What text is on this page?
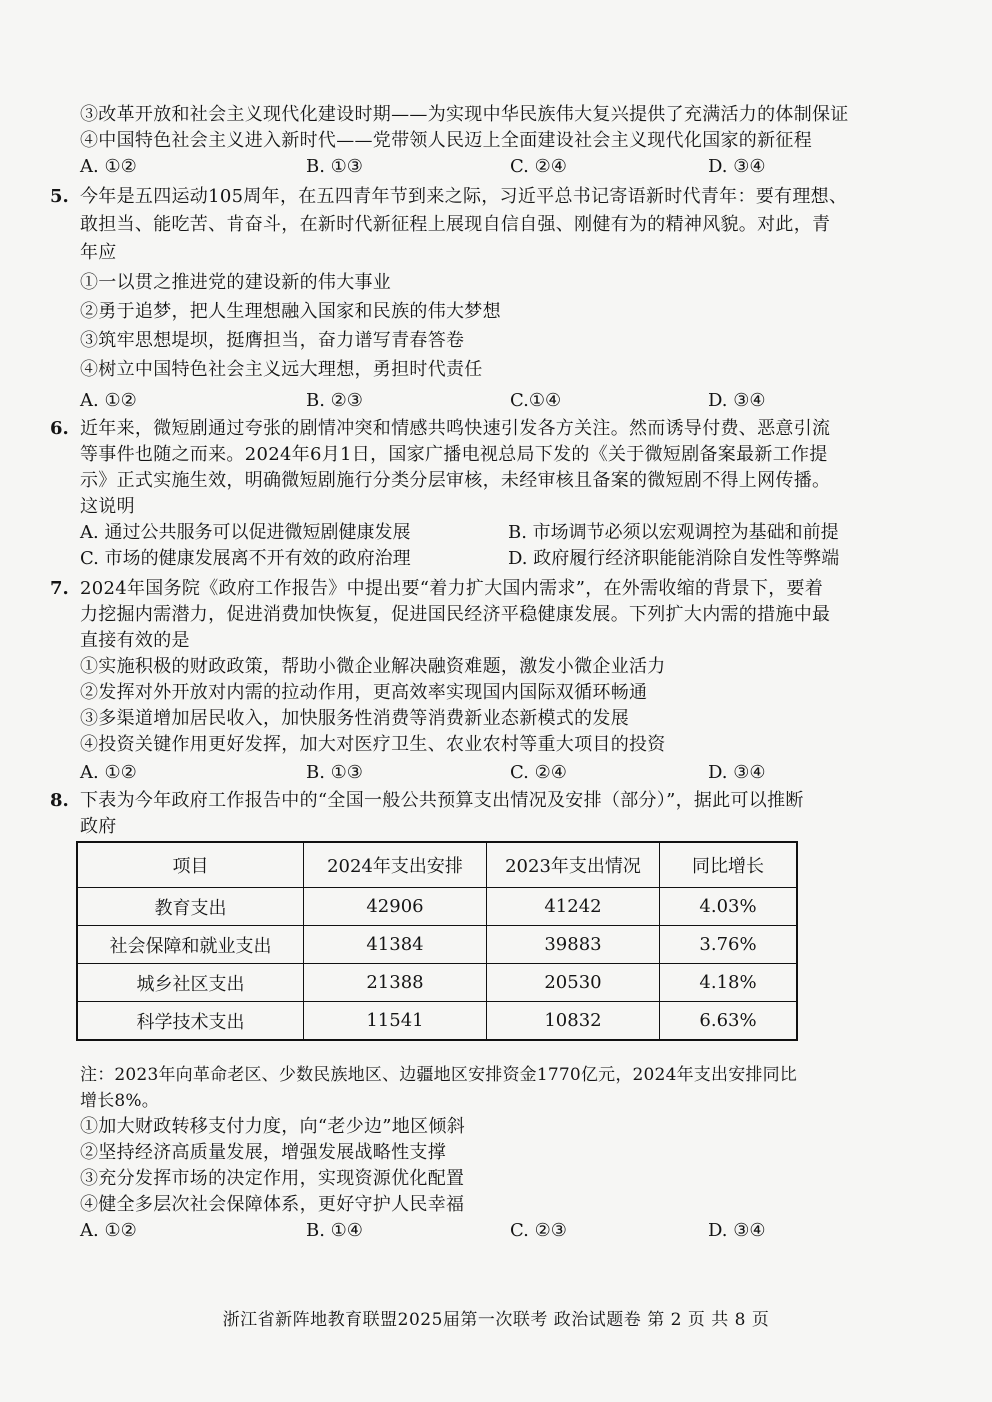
③改革开放和社会主义现代化建设时期——为实现中华民族伟大复兴提供了充满活力的体制保证
④中国特色社会主义进入新时代——党带领人民迈上全面建设社会主义现代化国家的新征程
A. ①②	B. ①③	C. ②④	D. ③④
5. 今年是五四运动105周年，在五四青年节到来之际，习近平总书记寄语新时代青年：要有理想、
敢担当、能吃苦、肯奋斗，在新时代新征程上展现自信自强、刚健有为的精神风貌。对此，青
年应
①一以贯之推进党的建设新的伟大事业
②勇于追梦，把人生理想融入国家和民族的伟大梦想
③筑牢思想堤坝，挺膺担当，奋力谱写青春答卷
④树立中国特色社会主义远大理想，勇担时代责任
A. ①②	B. ②③	C.①④	D. ③④
6. 近年来，微短剧通过夸张的剧情冲突和情感共鸣快速引发各方关注。然而诱导付费、恶意引流
等事件也随之而来。2024年6月1日，国家广播电视总局下发的《关于微短剧备案最新工作提
示》正式实施生效，明确微短剧施行分类分层审核，未经审核且备案的微短剧不得上网传播。
这说明
A. 通过公共服务可以促进微短剧健康发展	B. 市场调节必须以宏观调控为基础和前提
C. 市场的健康发展离不开有效的政府治理	D. 政府履行经济职能能消除自发性等弊端
7. 2024年国务院《政府工作报告》中提出要“着力扩大国内需求”，在外需收缩的背景下，要着
力挖掘内需潜力，促进消费加快恢复，促进国民经济平稳健康发展。下列扩大内需的措施中最
直接有效的是
①实施积极的财政政策，帮助小微企业解决融资难题，激发小微企业活力
②发挥对外开放对内需的拉动作用，更高效率实现国内国际双循环畅通
③多渠道增加居民收入，加快服务性消费等消费新业态新模式的发展
④投资关键作用更好发挥，加大对医疗卫生、农业农村等重大项目的投资
A. ①②	B. ①③	C. ②④	D. ③④
8. 下表为今年政府工作报告中的“全国一般公共预算支出情况及安排（部分）”，据此可以推断
政府
项目	2024年支出安排	2023年支出情况	同比增长
教育支出	42906	41242	4.03%
社会保障和就业支出	41384	39883	3.76%
城乡社区支出	21388	20530	4.18%
科学技术支出	11541	10832	6.63%
注：2023年向革命老区、少数民族地区、边疆地区安排资金1770亿元，2024年支出安排同比
增长8%。
①加大财政转移支付力度，向“老少边”地区倾斜
②坚持经济高质量发展，增强发展战略性支撑
③充分发挥市场的决定作用，实现资源优化配置
④健全多层次社会保障体系，更好守护人民幸福
A. ①②	B. ①④	C. ②③	D. ③④
浙江省新阵地教育联盟2025届第一次联考 政治试题卷 第 2 页 共 8 页
